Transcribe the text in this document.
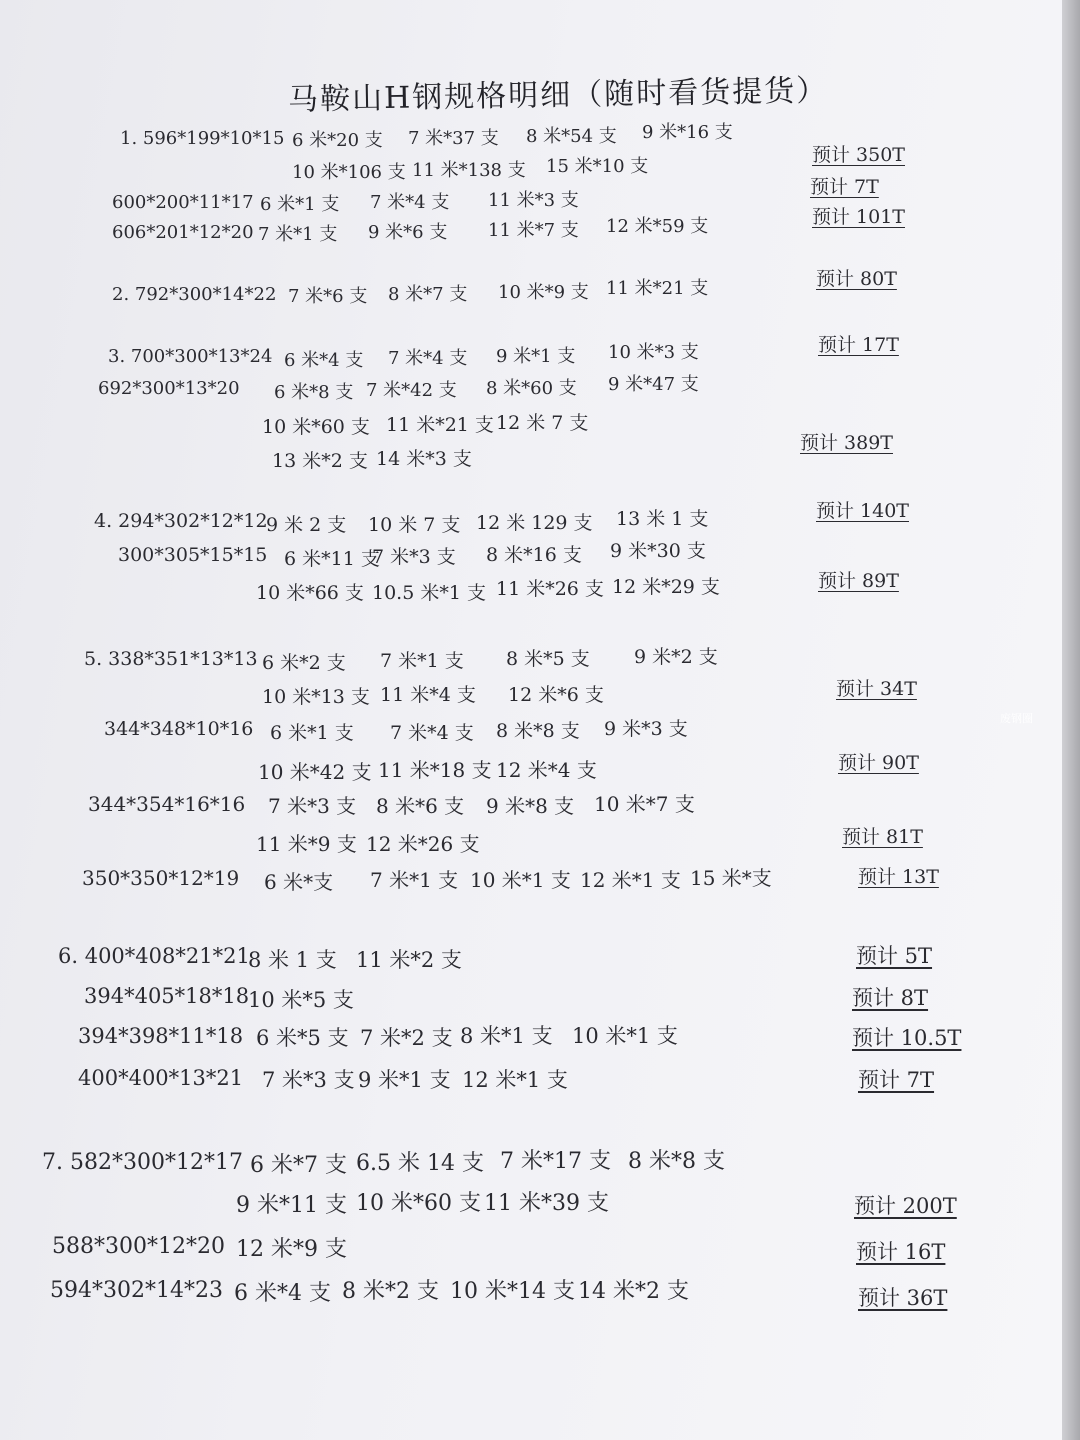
马鞍山H钢规格明细（随时看货提货）
1. 596*199*10*15 6 米*20 支 7 米*37 支 8 米*54 支 9 米*16 支
10 米*106 支 11 米*138 支 15 米*10 支
600*200*11*17 6 米*1 支 7 米*4 支 11 米*3 支
606*201*12*20 7 米*1 支 9 米*6 支 11 米*7 支 12 米*59 支
2. 792*300*14*22 7 米*6 支 8 米*7 支 10 米*9 支 11 米*21 支
3. 700*300*13*24 6 米*4 支 7 米*4 支 9 米*1 支 10 米*3 支
692*300*13*20 6 米*8 支 7 米*42 支 8 米*60 支 9 米*47 支
10 米*60 支 11 米*21 支 12 米 7 支
13 米*2 支 14 米*3 支
4. 294*302*12*12
9 米 2 支 10 米 7 支 12 米 129 支 13 米 1 支
300*305*15*15 6 米*11 支
7 米*3 支 8 米*16 支 9 米*30 支
10 米*66 支 10.5 米*1 支 11 米*26 支 12 米*29 支
5. 338*351*13*13 6 米*2 支 7 米*1 支 8 米*5 支 9 米*2 支
10 米*13 支 11 米*4 支 12 米*6 支
344*348*10*16 6 米*1 支 7 米*4 支 8 米*8 支 9 米*3 支
10 米*42 支 11 米*18 支 12 米*4 支
344*354*16*16 7 米*3 支 8 米*6 支 9 米*8 支 10 米*7 支
11 米*9 支 12 米*26 支
350*350*12*19 6 米*支 7 米*1 支 10 米*1 支 12 米*1 支 15 米*支
6. 400*408*21*21
8 米 1 支 11 米*2 支
394*405*18*18
10 米*5 支
394*398*11*18 6 米*5 支 7 米*2 支 8 米*1 支 10 米*1 支
400*400*13*21 7 米*3 支 9 米*1 支 12 米*1 支
7. 582*300*12*17 6 米*7 支 6.5 米 14 支 7 米*17 支 8 米*8 支
9 米*11 支 10 米*60 支 11 米*39 支
588*300*12*20 12 米*9 支
594*302*14*23 6 米*4 支 8 米*2 支 10 米*14 支 14 米*2 支
预计 350T
预计 7T
预计 101T
预计 80T
预计 17T
预计 389T
预计 140T
预计 89T
预计 34T
预计 90T
预计 81T
预计 13T
预计 5T
预计 8T
预计 10.5T
预计 7T
预计 200T
预计 16T
预计 36T
废钢圈
